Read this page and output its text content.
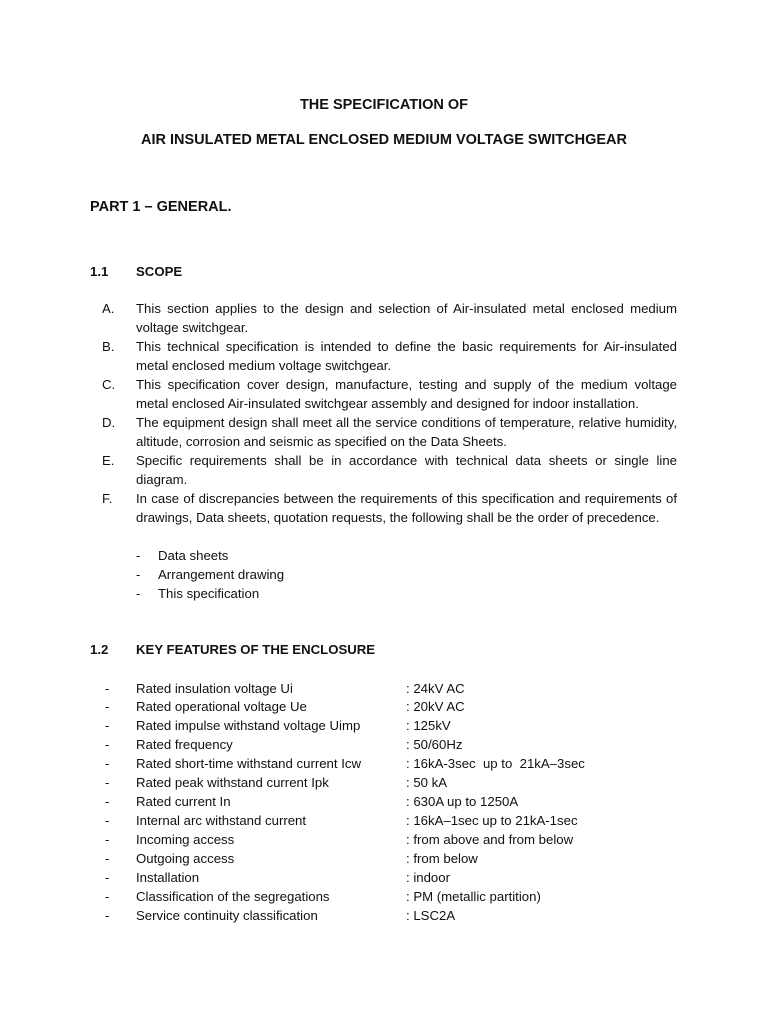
THE SPECIFICATION OF
AIR INSULATED METAL ENCLOSED MEDIUM VOLTAGE SWITCHGEAR
PART 1 – GENERAL.
1.1 SCOPE
A. This section applies to the design and selection of Air-insulated metal enclosed medium voltage switchgear.
B. This technical specification is intended to define the basic requirements for Air-insulated metal enclosed medium voltage switchgear.
C. This specification cover design, manufacture, testing and supply of the medium voltage metal enclosed Air-insulated switchgear assembly and designed for indoor installation.
D. The equipment design shall meet all the service conditions of temperature, relative humidity, altitude, corrosion and seismic as specified on the Data Sheets.
E. Specific requirements shall be in accordance with technical data sheets or single line diagram.
F. In case of discrepancies between the requirements of this specification and requirements of drawings, Data sheets, quotation requests, the following shall be the order of precedence.
- Data sheets
- Arrangement drawing
- This specification
1.2 KEY FEATURES OF THE ENCLOSURE
- Rated insulation voltage Ui	: 24kV AC
- Rated operational voltage Ue	: 20kV AC
- Rated impulse withstand voltage Uimp	: 125kV
- Rated frequency	: 50/60Hz
- Rated short-time withstand current Icw	: 16kA-3sec  up to  21kA–3sec
- Rated peak withstand current Ipk	: 50 kA
- Rated current In	: 630A up to 1250A
- Internal arc withstand current	: 16kA–1sec up to 21kA-1sec
- Incoming access	: from above and from below
- Outgoing access	: from below
- Installation	: indoor
- Classification of the segregations	: PM (metallic partition)
- Service continuity classification	: LSC2A
